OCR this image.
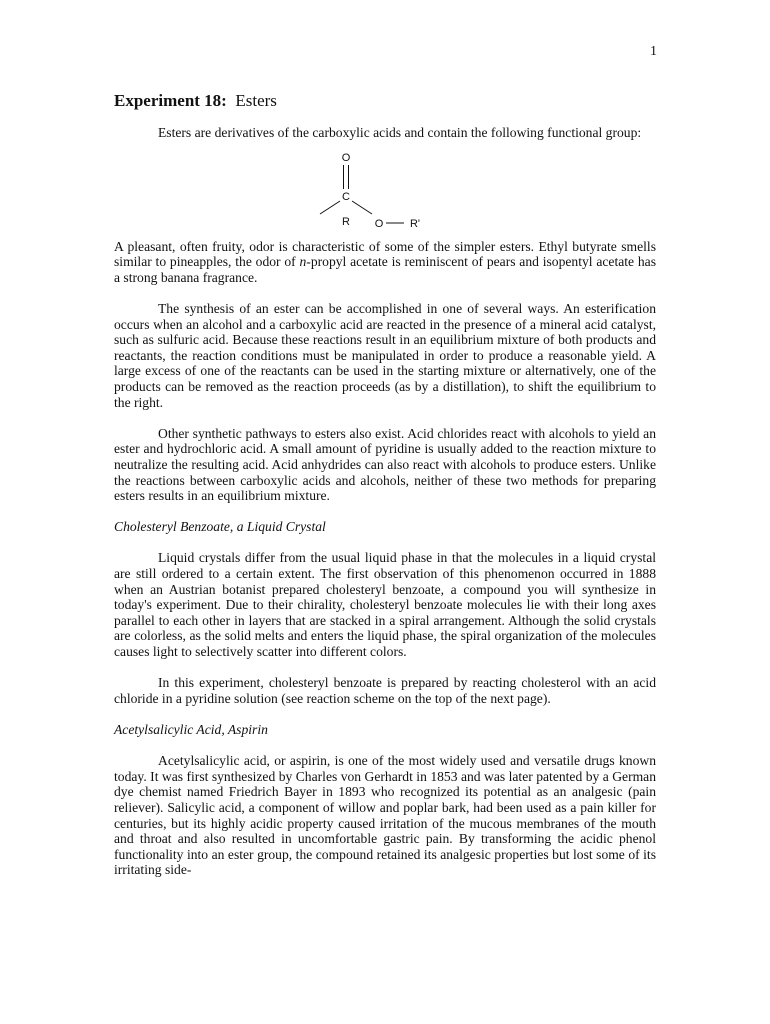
1
Experiment 18: Esters

Esters are derivatives of the carboxylic acids and contain the following functional group:

R O R'
O
C

A pleasant, often fruity, odor is characteristic of some of the simpler esters. Ethyl butyrate smells similar to pineapples, the odor of n-propyl acetate is reminiscent of pears and isopentyl acetate has a strong banana fragrance.

The synthesis of an ester can be accomplished in one of several ways. An esterification occurs when an alcohol and a carboxylic acid are reacted in the presence of a mineral acid catalyst, such as sulfuric acid. Because these reactions result in an equilibrium mixture of both products and reactants, the reaction conditions must be manipulated in order to produce a reasonable yield. A large excess of one of the reactants can be used in the starting mixture or alternatively, one of the products can be removed as the reaction proceeds (as by a distillation), to shift the equilibrium to the right.

Other synthetic pathways to esters also exist. Acid chlorides react with alcohols to yield an ester and hydrochloric acid. A small amount of pyridine is usually added to the reaction mixture to neutralize the resulting acid. Acid anhydrides can also react with alcohols to produce esters. Unlike the reactions between carboxylic acids and alcohols, neither of these two methods for preparing esters results in an equilibrium mixture.

Cholesteryl Benzoate, a Liquid Crystal

Liquid crystals differ from the usual liquid phase in that the molecules in a liquid crystal are still ordered to a certain extent. The first observation of this phenomenon occurred in 1888 when an Austrian botanist prepared cholesteryl benzoate, a compound you will synthesize in today's experiment. Due to their chirality, cholesteryl benzoate molecules lie with their long axes parallel to each other in layers that are stacked in a spiral arrangement. Although the solid crystals are colorless, as the solid melts and enters the liquid phase, the spiral organization of the molecules causes light to selectively scatter into different colors.

In this experiment, cholesteryl benzoate is prepared by reacting cholesterol with an acid chloride in a pyridine solution (see reaction scheme on the top of the next page).

Acetylsalicylic Acid, Aspirin

Acetylsalicylic acid, or aspirin, is one of the most widely used and versatile drugs known today. It was first synthesized by Charles von Gerhardt in 1853 and was later patented by a German dye chemist named Friedrich Bayer in 1893 who recognized its potential as an analgesic (pain reliever). Salicylic acid, a component of willow and poplar bark, had been used as a pain killer for centuries, but its highly acidic property caused irritation of the mucous membranes of the mouth and throat and also resulted in uncomfortable gastric pain. By transforming the acidic phenol functionality into an ester group, the compound retained its analgesic properties but lost some of its irritating side-
